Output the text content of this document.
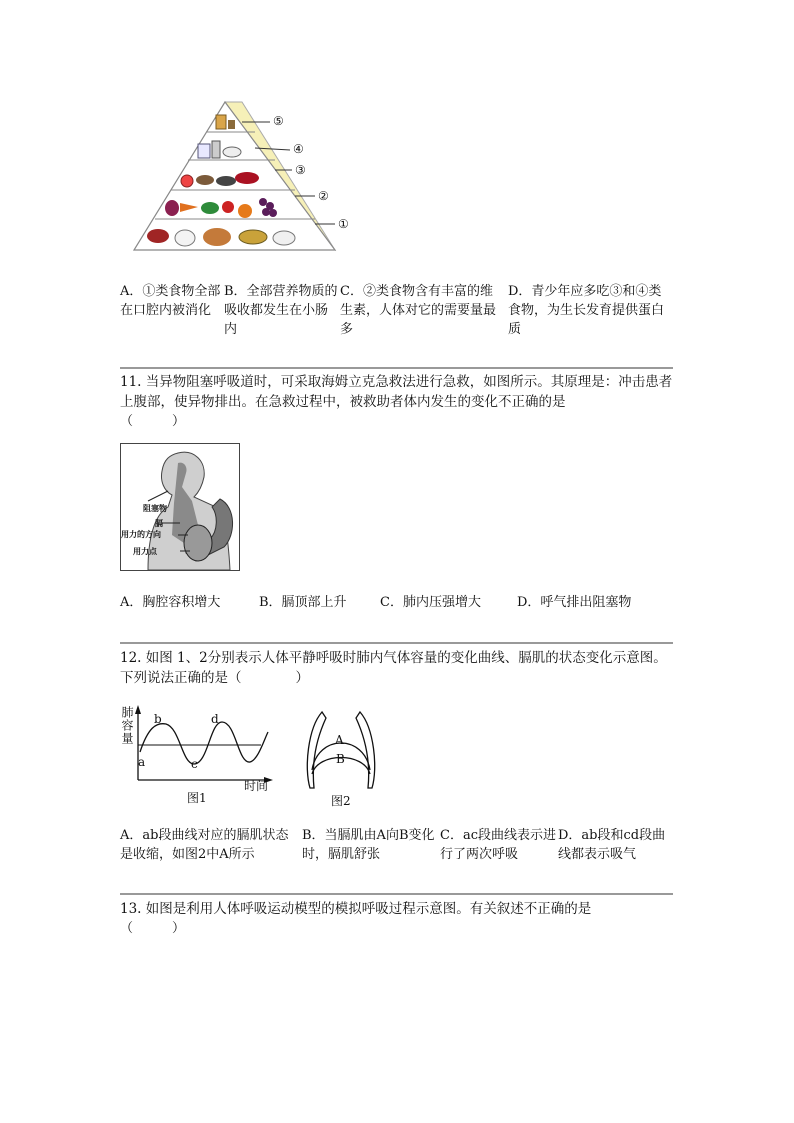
⑤
④
③
②
①
A．①类食物全部在口腔内被消化
B．全部营养物质的吸收都发生在小肠内
C．②类食物含有丰富的维生素，人体对它的需要量最多
D．青少年应多吃③和④类食物，为生长发育提供蛋白质
11. 当异物阻塞呼吸道时，可采取海姆立克急救法进行急救，如图所示。其原理是：冲击患者上腹部，使异物排出。在急救过程中，被救助者体内发生的变化不正确的是
（　　　）
阻塞物
膈
用力的方向
用力点
A．胸腔容积增大	B．膈顶部上升	C．肺内压强增大	D．呼气排出阻塞物
12. 如图 1、2分别表示人体平静呼吸时肺内气体容量的变化曲线、膈肌的状态变化示意图。下列说法正确的是（　　　　）
肺容量
a
b
c
d
时间
图1
A
B
图2
A．ab段曲线对应的膈肌状态是收缩，如图2中A所示
B．当膈肌由A向B变化时，膈肌舒张
C．ac段曲线表示进行了两次呼吸
D．ab段和cd段曲线都表示吸气
13. 如图是利用人体呼吸运动模型的模拟呼吸过程示意图。有关叙述不正确的是
（　　　）
